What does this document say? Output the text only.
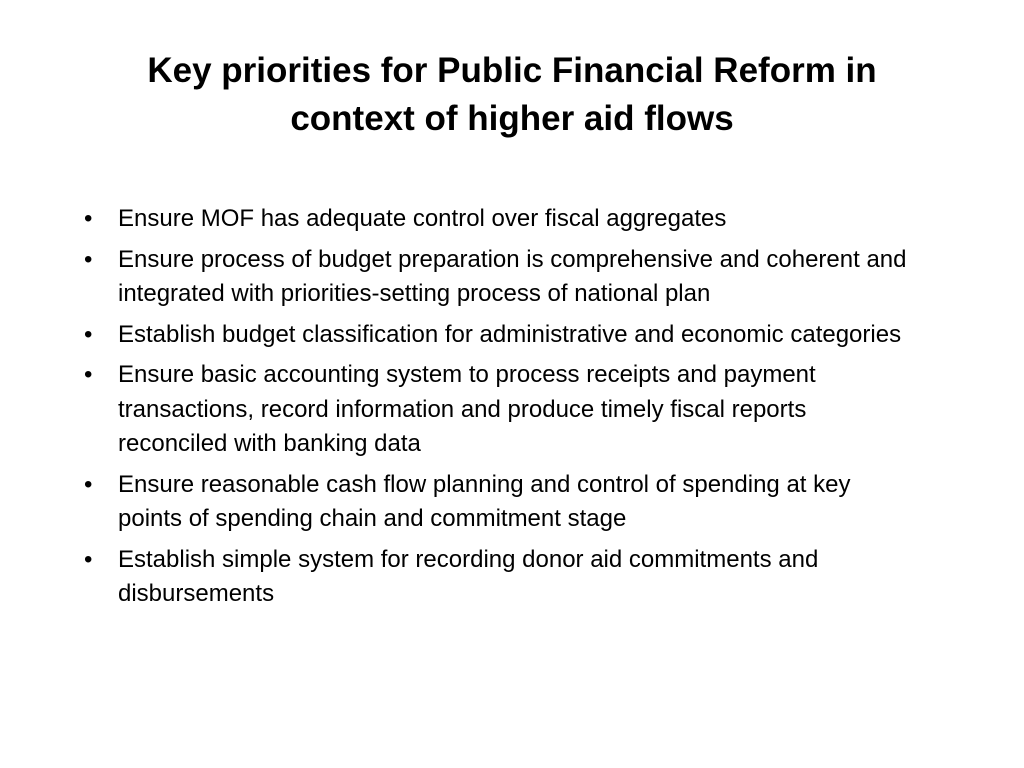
Key priorities for Public Financial Reform in
context of higher aid flows
• Ensure MOF has adequate control over fiscal aggregates
• Ensure process of budget preparation is comprehensive and coherent and integrated with priorities-setting process of national plan
• Establish budget classification for administrative and economic categories
• Ensure basic accounting system to process receipts and payment transactions, record information and produce timely fiscal reports reconciled with banking data
• Ensure reasonable cash flow planning and control of spending at key points of spending chain and commitment stage
• Establish simple system for recording donor aid commitments and disbursements
